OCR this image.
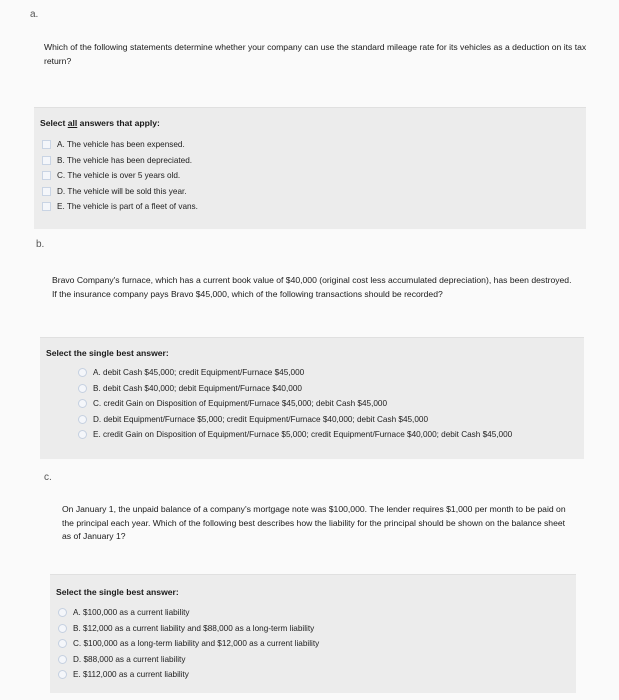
a.
Which of the following statements determine whether your company can use the standard mileage rate for its vehicles as a deduction on its tax return?
Select all answers that apply:
A. The vehicle has been expensed.
B. The vehicle has been depreciated.
C. The vehicle is over 5 years old.
D. The vehicle will be sold this year.
E. The vehicle is part of a fleet of vans.
b.
Bravo Company's furnace, which has a current book value of $40,000 (original cost less accumulated depreciation), has been destroyed. If the insurance company pays Bravo $45,000, which of the following transactions should be recorded?
Select the single best answer:
A. debit Cash $45,000; credit Equipment/Furnace $45,000
B. debit Cash $40,000; debit Equipment/Furnace $40,000
C. credit Gain on Disposition of Equipment/Furnace $45,000; debit Cash $45,000
D. debit Equipment/Furnace $5,000; credit Equipment/Furnace $40,000; debit Cash $45,000
E. credit Gain on Disposition of Equipment/Furnace $5,000; credit Equipment/Furnace $40,000; debit Cash $45,000
c.
On January 1, the unpaid balance of a company's mortgage note was $100,000. The lender requires $1,000 per month to be paid on the principal each year. Which of the following best describes how the liability for the principal should be shown on the balance sheet as of January 1?
Select the single best answer:
A. $100,000 as a current liability
B. $12,000 as a current liability and $88,000 as a long-term liability
C. $100,000 as a long-term liability and $12,000 as a current liability
D. $88,000 as a current liability
E. $112,000 as a current liability
